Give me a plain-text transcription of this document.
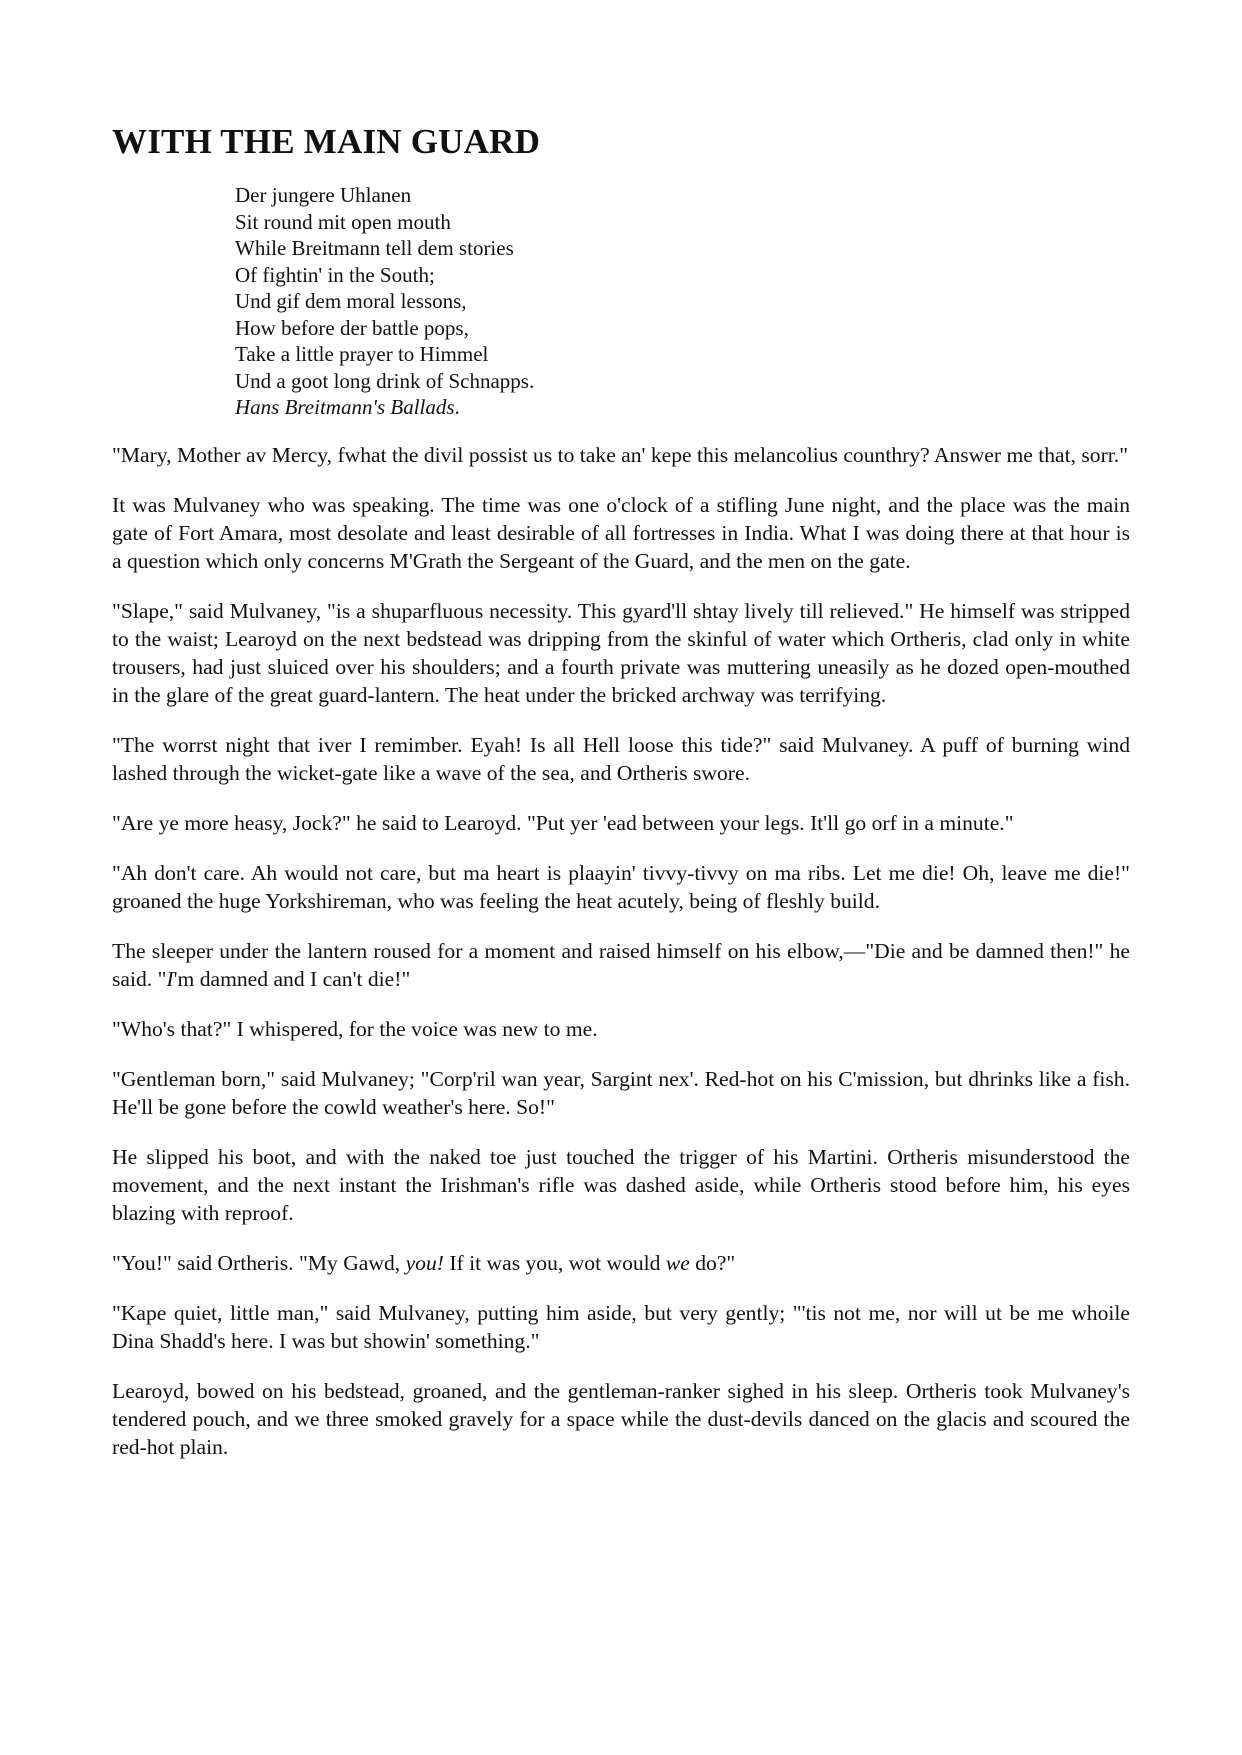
WITH THE MAIN GUARD
Der jungere Uhlanen
Sit round mit open mouth
While Breitmann tell dem stories
Of fightin' in the South;
Und gif dem moral lessons,
How before der battle pops,
Take a little prayer to Himmel
Und a goot long drink of Schnapps.
Hans Breitmann's Ballads.

"Mary, Mother av Mercy, fwhat the divil possist us to take an' kepe this melancolius counthry? Answer me that, sorr."

It was Mulvaney who was speaking. The time was one o'clock of a stifling June night, and the place was the main gate of Fort Amara, most desolate and least desirable of all fortresses in India. What I was doing there at that hour is a question which only concerns M'Grath the Sergeant of the Guard, and the men on the gate.

"Slape," said Mulvaney, "is a shuparfluous necessity. This gyard'll shtay lively till relieved." He himself was stripped to the waist; Learoyd on the next bedstead was dripping from the skinful of water which Ortheris, clad only in white trousers, had just sluiced over his shoulders; and a fourth private was muttering uneasily as he dozed open-mouthed in the glare of the great guard-lantern. The heat under the bricked archway was terrifying.

"The worrst night that iver I remimber. Eyah! Is all Hell loose this tide?" said Mulvaney. A puff of burning wind lashed through the wicket-gate like a wave of the sea, and Ortheris swore.

"Are ye more heasy, Jock?" he said to Learoyd. "Put yer 'ead between your legs. It'll go orf in a minute."

"Ah don't care. Ah would not care, but ma heart is plaayin' tivvy-tivvy on ma ribs. Let me die! Oh, leave me die!" groaned the huge Yorkshireman, who was feeling the heat acutely, being of fleshly build.

The sleeper under the lantern roused for a moment and raised himself on his elbow,—"Die and be damned then!" he said. "I'm damned and I can't die!"

"Who's that?" I whispered, for the voice was new to me.

"Gentleman born," said Mulvaney; "Corp'ril wan year, Sargint nex'. Red-hot on his C'mission, but dhrinks like a fish. He'll be gone before the cowld weather's here. So!"

He slipped his boot, and with the naked toe just touched the trigger of his Martini. Ortheris misunderstood the movement, and the next instant the Irishman's rifle was dashed aside, while Ortheris stood before him, his eyes blazing with reproof.

"You!" said Ortheris. "My Gawd, you! If it was you, wot would we do?"

"Kape quiet, little man," said Mulvaney, putting him aside, but very gently; "'tis not me, nor will ut be me whoile Dina Shadd's here. I was but showin' something."

Learoyd, bowed on his bedstead, groaned, and the gentleman-ranker sighed in his sleep. Ortheris took Mulvaney's tendered pouch, and we three smoked gravely for a space while the dust-devils danced on the glacis and scoured the red-hot plain.
